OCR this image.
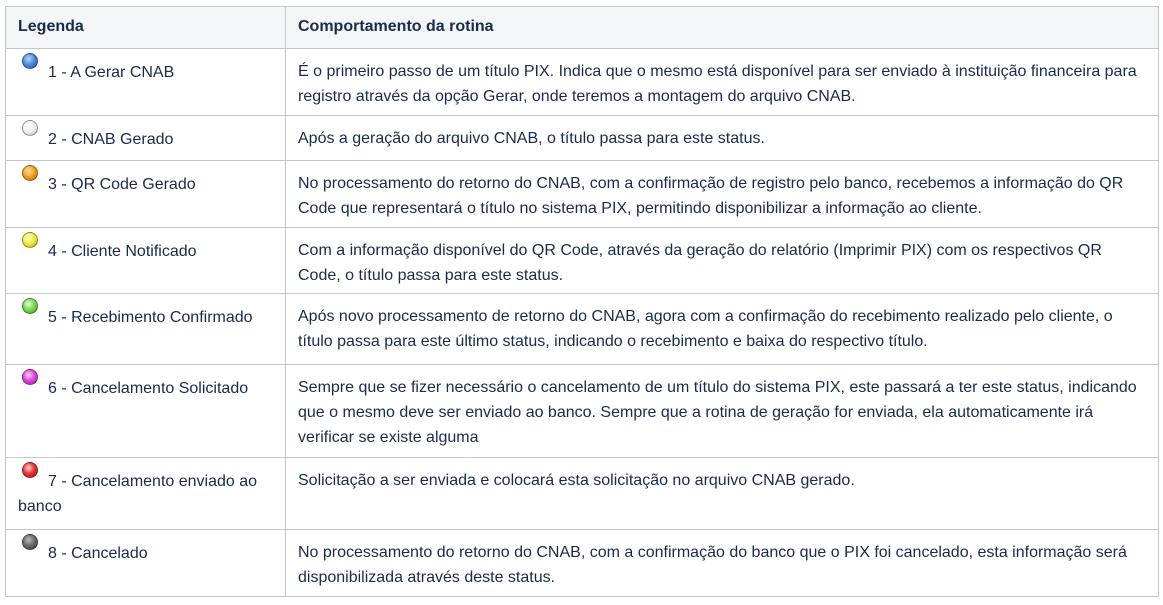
Legenda	Comportamento da rotina
1 - A Gerar CNAB	É o primeiro passo de um título PIX. Indica que o mesmo está disponível para ser enviado à instituição financeira para registro através da opção Gerar, onde teremos a montagem do arquivo CNAB.
2 - CNAB Gerado	Após a geração do arquivo CNAB, o título passa para este status.
3 - QR Code Gerado	No processamento do retorno do CNAB, com a confirmação de registro pelo banco, recebemos a informação do QR Code que representará o título no sistema PIX, permitindo disponibilizar a informação ao cliente.
4 - Cliente Notificado	Com a informação disponível do QR Code, através da geração do relatório (Imprimir PIX) com os respectivos QR Code, o título passa para este status.
5 - Recebimento Confirmado	Após novo processamento de retorno do CNAB, agora com a confirmação do recebimento realizado pelo cliente, o título passa para este último status, indicando o recebimento e baixa do respectivo título.
6 - Cancelamento Solicitado	Sempre que se fizer necessário o cancelamento de um título do sistema PIX, este passará a ter este status, indicando que o mesmo deve ser enviado ao banco. Sempre que a rotina de geração for enviada, ela automaticamente irá verificar se existe alguma
7 - Cancelamento enviado ao banco	Solicitação a ser enviada e colocará esta solicitação no arquivo CNAB gerado.
8 - Cancelado	No processamento do retorno do CNAB, com a confirmação do banco que o PIX foi cancelado, esta informação será disponibilizada através deste status.
